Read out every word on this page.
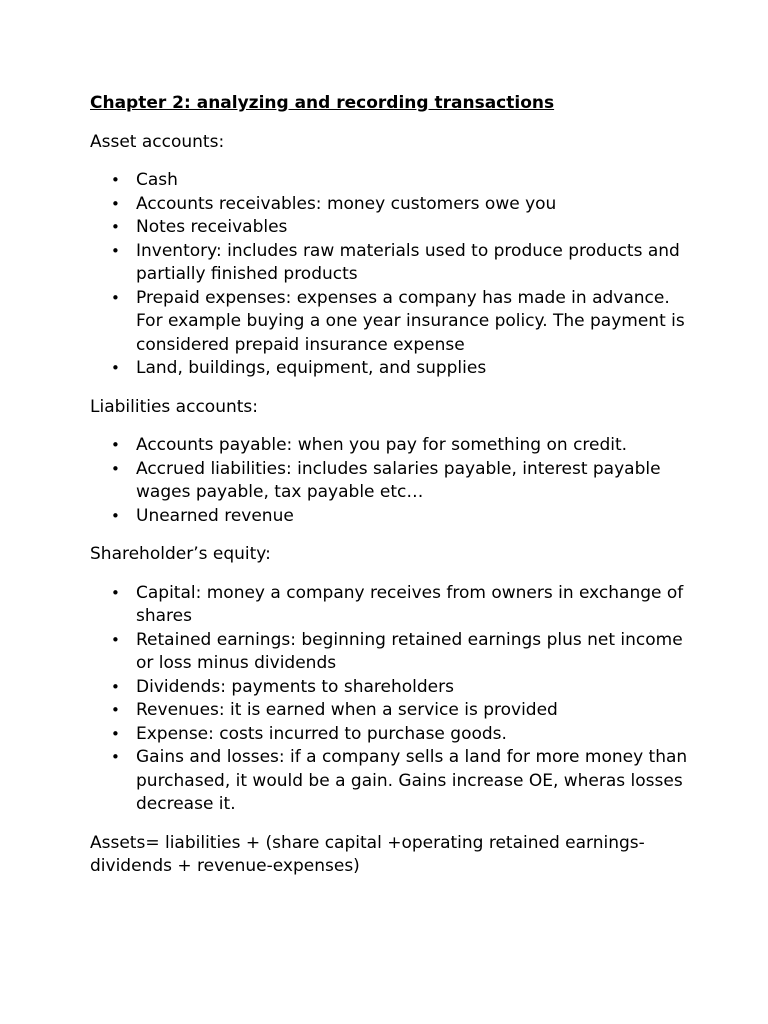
Chapter 2: analyzing and recording transactions
Asset accounts:
• Cash
• Accounts receivables: money customers owe you
• Notes receivables
• Inventory: includes raw materials used to produce products and partially finished products
• Prepaid expenses: expenses a company has made in advance. For example buying a one year insurance policy. The payment is considered prepaid insurance expense
• Land, buildings, equipment, and supplies
Liabilities accounts:
• Accounts payable: when you pay for something on credit.
• Accrued liabilities: includes salaries payable, interest payable wages payable, tax payable etc…
• Unearned revenue
Shareholder’s equity:
• Capital: money a company receives from owners in exchange of shares
• Retained earnings: beginning retained earnings plus net income or loss minus dividends
• Dividends: payments to shareholders
• Revenues: it is earned when a service is provided
• Expense: costs incurred to purchase goods.
• Gains and losses: if a company sells a land for more money than purchased, it would be a gain. Gains increase OE, wheras losses decrease it.
Assets= liabilities + (share capital +operating retained earnings-dividends + revenue-expenses)
